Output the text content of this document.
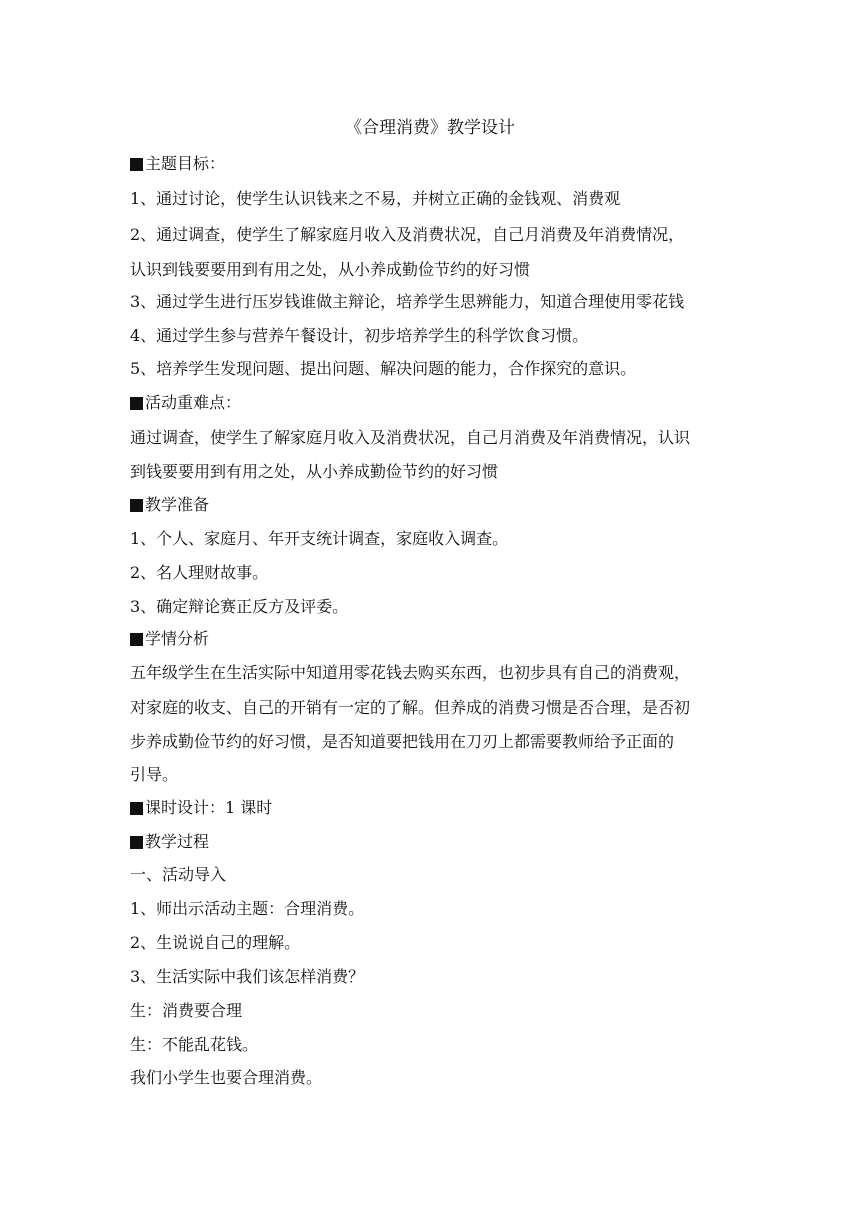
《合理消费》教学设计
主题目标：
1、通过讨论，使学生认识钱来之不易，并树立正确的金钱观、消费观
2、通过调查，使学生了解家庭月收入及消费状况，自己月消费及年消费情况，
认识到钱要要用到有用之处，从小养成勤俭节约的好习惯
3、通过学生进行压岁钱谁做主辩论，培养学生思辨能力，知道合理使用零花钱
4、通过学生参与营养午餐设计，初步培养学生的科学饮食习惯。
5、培养学生发现问题、提出问题、解决问题的能力，合作探究的意识。
活动重难点：
通过调查，使学生了解家庭月收入及消费状况，自己月消费及年消费情况，认识
到钱要要用到有用之处，从小养成勤俭节约的好习惯
教学准备
1、个人、家庭月、年开支统计调查，家庭收入调查。
2、名人理财故事。
3、确定辩论赛正反方及评委。
学情分析
五年级学生在生活实际中知道用零花钱去购买东西，也初步具有自己的消费观，
对家庭的收支、自己的开销有一定的了解。但养成的消费习惯是否合理，是否初
步养成勤俭节约的好习惯，是否知道要把钱用在刀刃上都需要教师给予正面的
引导。
课时设计：1 课时
教学过程
一、活动导入
1、师出示活动主题：合理消费。
2、生说说自己的理解。
3、生活实际中我们该怎样消费？
生：消费要合理
生：不能乱花钱。
我们小学生也要合理消费。
